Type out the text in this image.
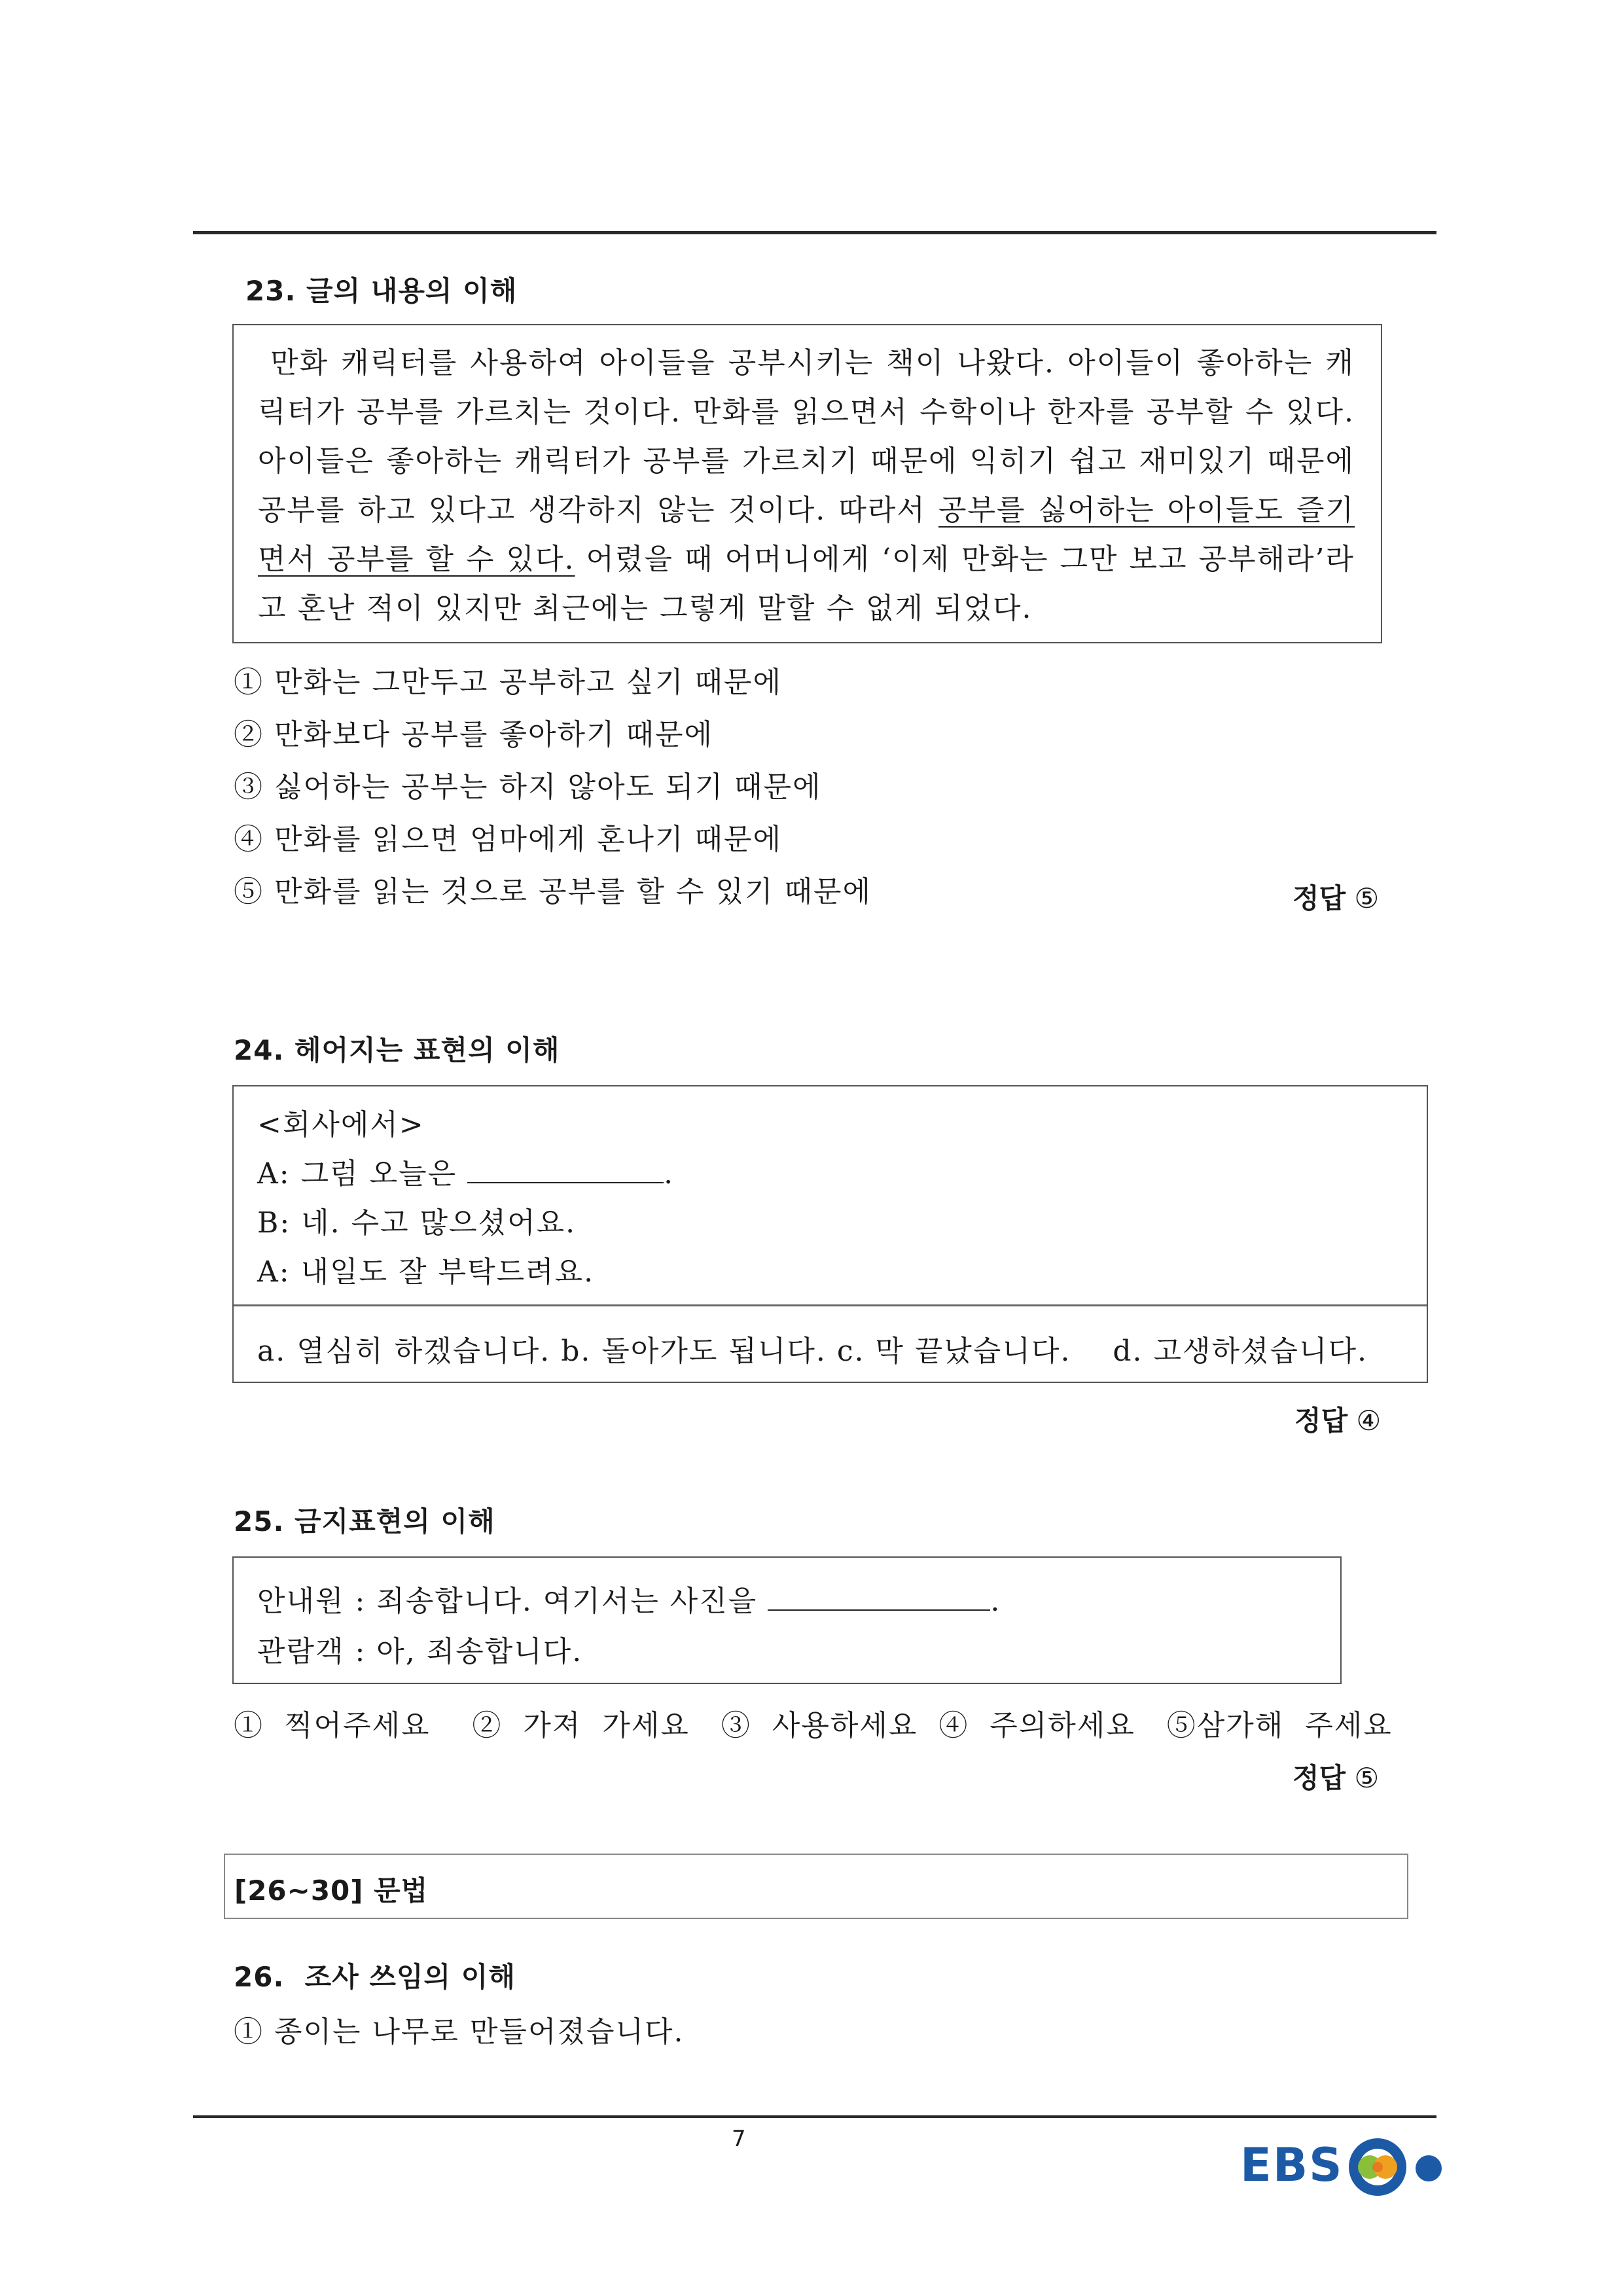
23. 글의 내용의 이해
만화 캐릭터를 사용하여 아이들을 공부시키는 책이 나왔다. 아이들이 좋아하는 캐릭터가 공부를 가르치는 것이다. 만화를 읽으면서 수학이나 한자를 공부할 수 있다. 아이들은 좋아하는 캐릭터가 공부를 가르치기 때문에 익히기 쉽고 재미있기 때문에 공부를 하고 있다고 생각하지 않는 것이다. 따라서 공부를 싫어하는 아이들도 즐기면서 공부를 할 수 있다. 어렸을 때 어머니에게 ‘이제 만화는 그만 보고 공부해라’라고 혼난 적이 있지만 최근에는 그렇게 말할 수 없게 되었다.
① 만화는 그만두고 공부하고 싶기 때문에
② 만화보다 공부를 좋아하기 때문에
③ 싫어하는 공부는 하지 않아도 되기 때문에
④ 만화를 읽으면 엄마에게 혼나기 때문에
⑤ 만화를 읽는 것으로 공부를 할 수 있기 때문에	정답 ⑤
24. 헤어지는 표현의 이해
<회사에서>
A: 그럼 오늘은	.
B: 네. 수고 많으셨어요.
A: 내일도 잘 부탁드려요.
a. 열심히 하겠습니다. b. 돌아가도 됩니다. c. 막 끝났습니다.    d. 고생하셨습니다.
정답 ④
25. 금지표현의 이해
안내원 : 죄송합니다. 여기서는 사진을	.
관람객 : 아, 죄송합니다.
①  찍어주세요    ②  가져  가세요   ③  사용하세요  ④  주의하세요   ⑤삼가해  주세요
정답 ⑤
[26~30] 문법
26.  조사 쓰임의 이해
① 종이는 나무로 만들어졌습니다.
7	EBS
